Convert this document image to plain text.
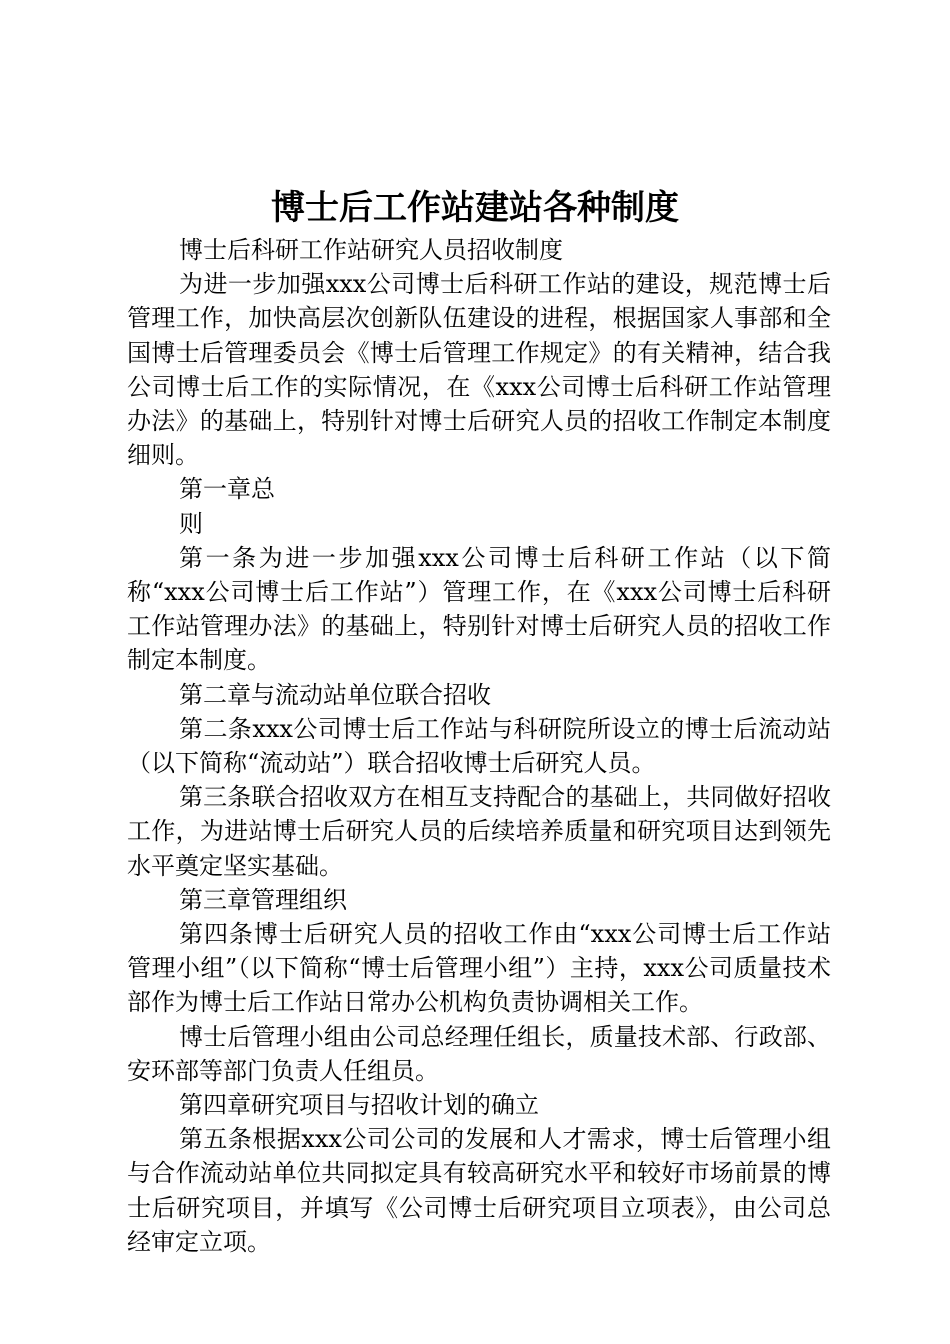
博士后工作站建站各种制度

博士后科研工作站研究人员招收制度

为进一步加强xxx公司博士后科研工作站的建设，规范博士后管理工作，加快高层次创新队伍建设的进程，根据国家人事部和全国博士后管理委员会《博士后管理工作规定》的有关精神，结合我公司博士后工作的实际情况，在《xxx公司博士后科研工作站管理办法》的基础上，特别针对博士后研究人员的招收工作制定本制度细则。

第一章总

则

第一条为进一步加强xxx公司博士后科研工作站（以下简称“xxx公司博士后工作站”）管理工作，在《xxx公司博士后科研工作站管理办法》的基础上，特别针对博士后研究人员的招收工作制定本制度。

第二章与流动站单位联合招收

第二条xxx公司博士后工作站与科研院所设立的博士后流动站（以下简称“流动站”）联合招收博士后研究人员。

第三条联合招收双方在相互支持配合的基础上，共同做好招收工作，为进站博士后研究人员的后续培养质量和研究项目达到领先水平奠定坚实基础。

第三章管理组织

第四条博士后研究人员的招收工作由“xxx公司博士后工作站管理小组”（以下简称“博士后管理小组”）主持，xxx公司质量技术部作为博士后工作站日常办公机构负责协调相关工作。

博士后管理小组由公司总经理任组长，质量技术部、行政部、安环部等部门负责人任组员。

第四章研究项目与招收计划的确立

第五条根据xxx公司公司的发展和人才需求，博士后管理小组与合作流动站单位共同拟定具有较高研究水平和较好市场前景的博士后研究项目，并填写《公司博士后研究项目立项表》，由公司总经审定立项。
